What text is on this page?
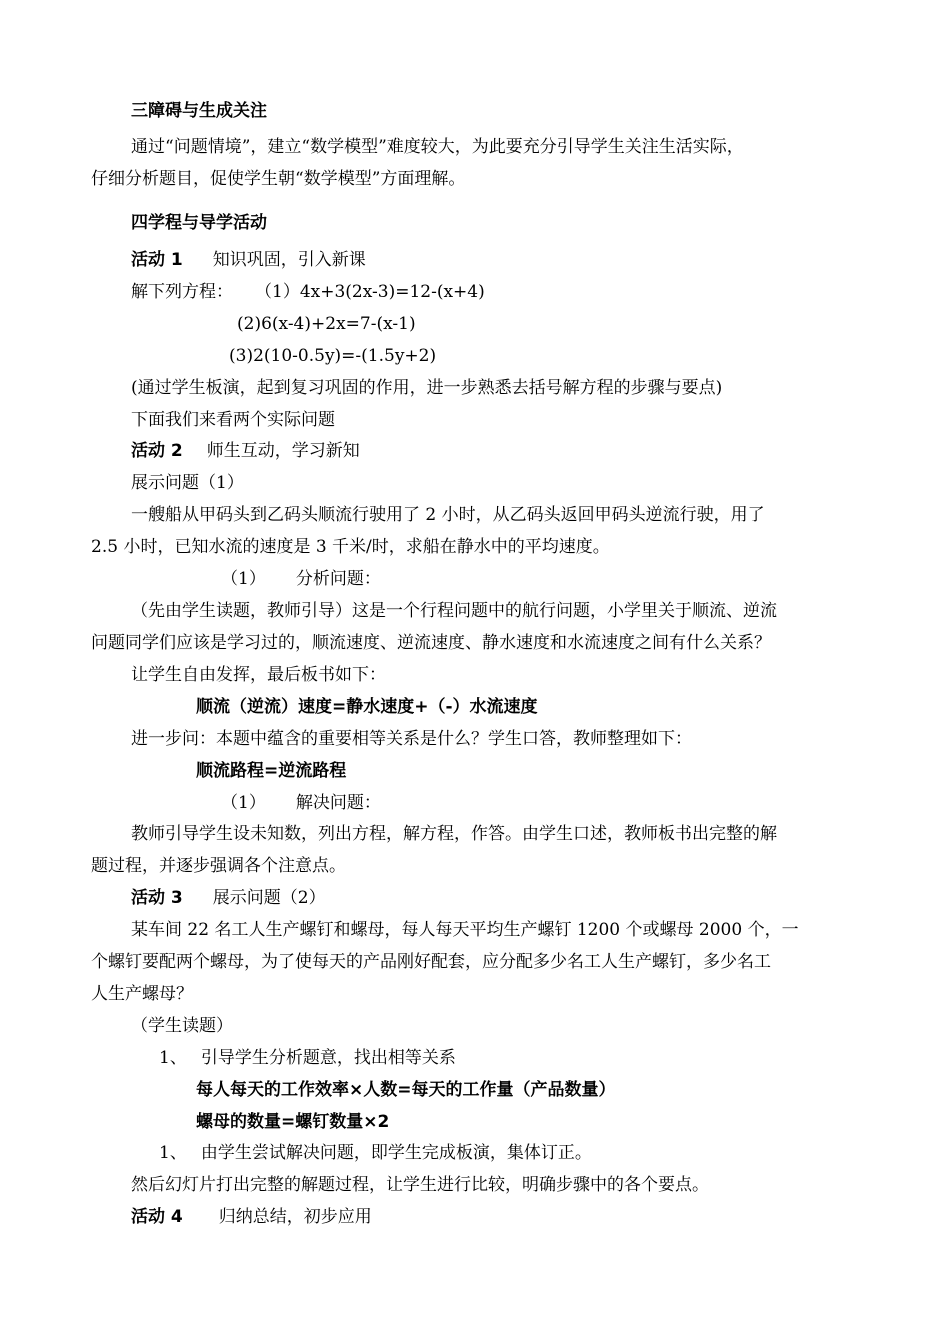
三障碍与生成关注
通过“问题情境”，建立“数学模型”难度较大，为此要充分引导学生关注生活实际，
仔细分析题目，促使学生朝“数学模型”方面理解。
四学程与导学活动
活动 1 知识巩固，引入新课
解下列方程： （1）4x+3(2x-3)=12-(x+4)
(2)6(x-4)+2x=7-(x-1)
(3)2(10-0.5y)=-(1.5y+2)
(通过学生板演，起到复习巩固的作用，进一步熟悉去括号解方程的步骤与要点)
下面我们来看两个实际问题
活动 2 师生互动，学习新知
展示问题（1）
一艘船从甲码头到乙码头顺流行驶用了 2 小时，从乙码头返回甲码头逆流行驶，用了
2.5 小时，已知水流的速度是 3 千米/时，求船在静水中的平均速度。
（1） 分析问题：
（先由学生读题，教师引导）这是一个行程问题中的航行问题，小学里关于顺流、逆流
问题同学们应该是学习过的，顺流速度、逆流速度、静水速度和水流速度之间有什么关系？
让学生自由发挥，最后板书如下：
顺流（逆流）速度=静水速度+（-）水流速度
进一步问：本题中蕴含的重要相等关系是什么？学生口答，教师整理如下：
顺流路程=逆流路程
（1） 解决问题：
教师引导学生设未知数，列出方程，解方程，作答。由学生口述，教师板书出完整的解
题过程，并逐步强调各个注意点。
活动 3 展示问题（2）
某车间 22 名工人生产螺钉和螺母，每人每天平均生产螺钉 1200 个或螺母 2000 个，一
个螺钉要配两个螺母，为了使每天的产品刚好配套，应分配多少名工人生产螺钉，多少名工
人生产螺母？
（学生读题）
1、 引导学生分析题意，找出相等关系
每人每天的工作效率×人数=每天的工作量（产品数量）
螺母的数量=螺钉数量×2
1、 由学生尝试解决问题，即学生完成板演，集体订正。
然后幻灯片打出完整的解题过程，让学生进行比较，明确步骤中的各个要点。
活动 4 归纳总结，初步应用
